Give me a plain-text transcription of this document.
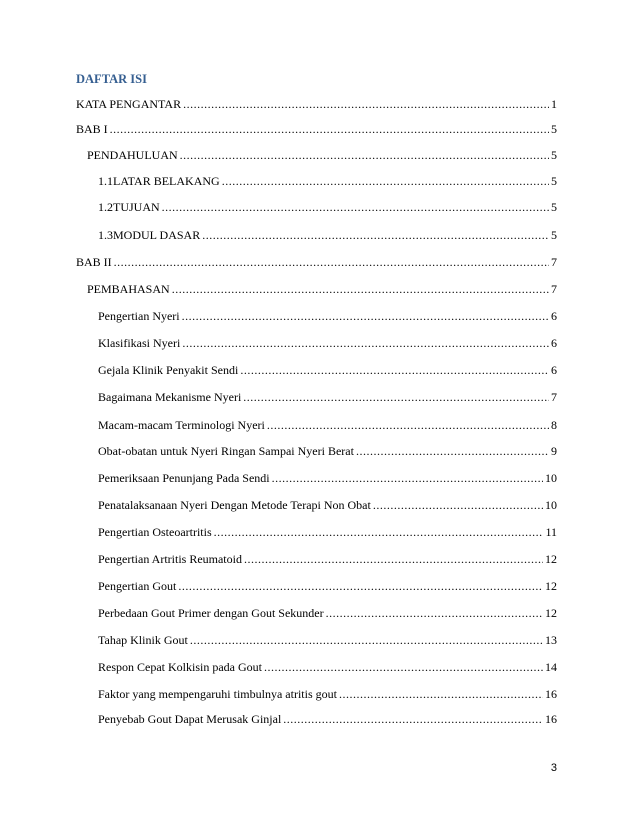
DAFTAR ISI
KATA PENGANTAR .....	1
BAB I .....	5
PENDAHULUAN .....	5
1.1 LATAR BELAKANG .....	5
1.2 TUJUAN .....	5
1.3 MODUL DASAR .....	5
BAB II .....	7
PEMBAHASAN .....	7
Pengertian Nyeri .....	6
Klasifikasi Nyeri .....	6
Gejala Klinik Penyakit Sendi .....	6
Bagaimana Mekanisme Nyeri .....	7
Macam-macam Terminologi Nyeri .....	8
Obat-obatan untuk Nyeri Ringan Sampai Nyeri Berat .....	9
Pemeriksaan Penunjang Pada Sendi .....	10
Penatalaksanaan Nyeri Dengan Metode Terapi Non Obat .....	10
Pengertian Osteoartritis .....	11
Pengertian Artritis Reumatoid .....	12
Pengertian Gout .....	12
Perbedaan Gout Primer dengan Gout Sekunder .....	12
Tahap Klinik Gout .....	13
Respon Cepat Kolkisin pada Gout .....	14
Faktor yang mempengaruhi timbulnya atritis gout .....	16
Penyebab Gout Dapat Merusak Ginjal .....	16
3
